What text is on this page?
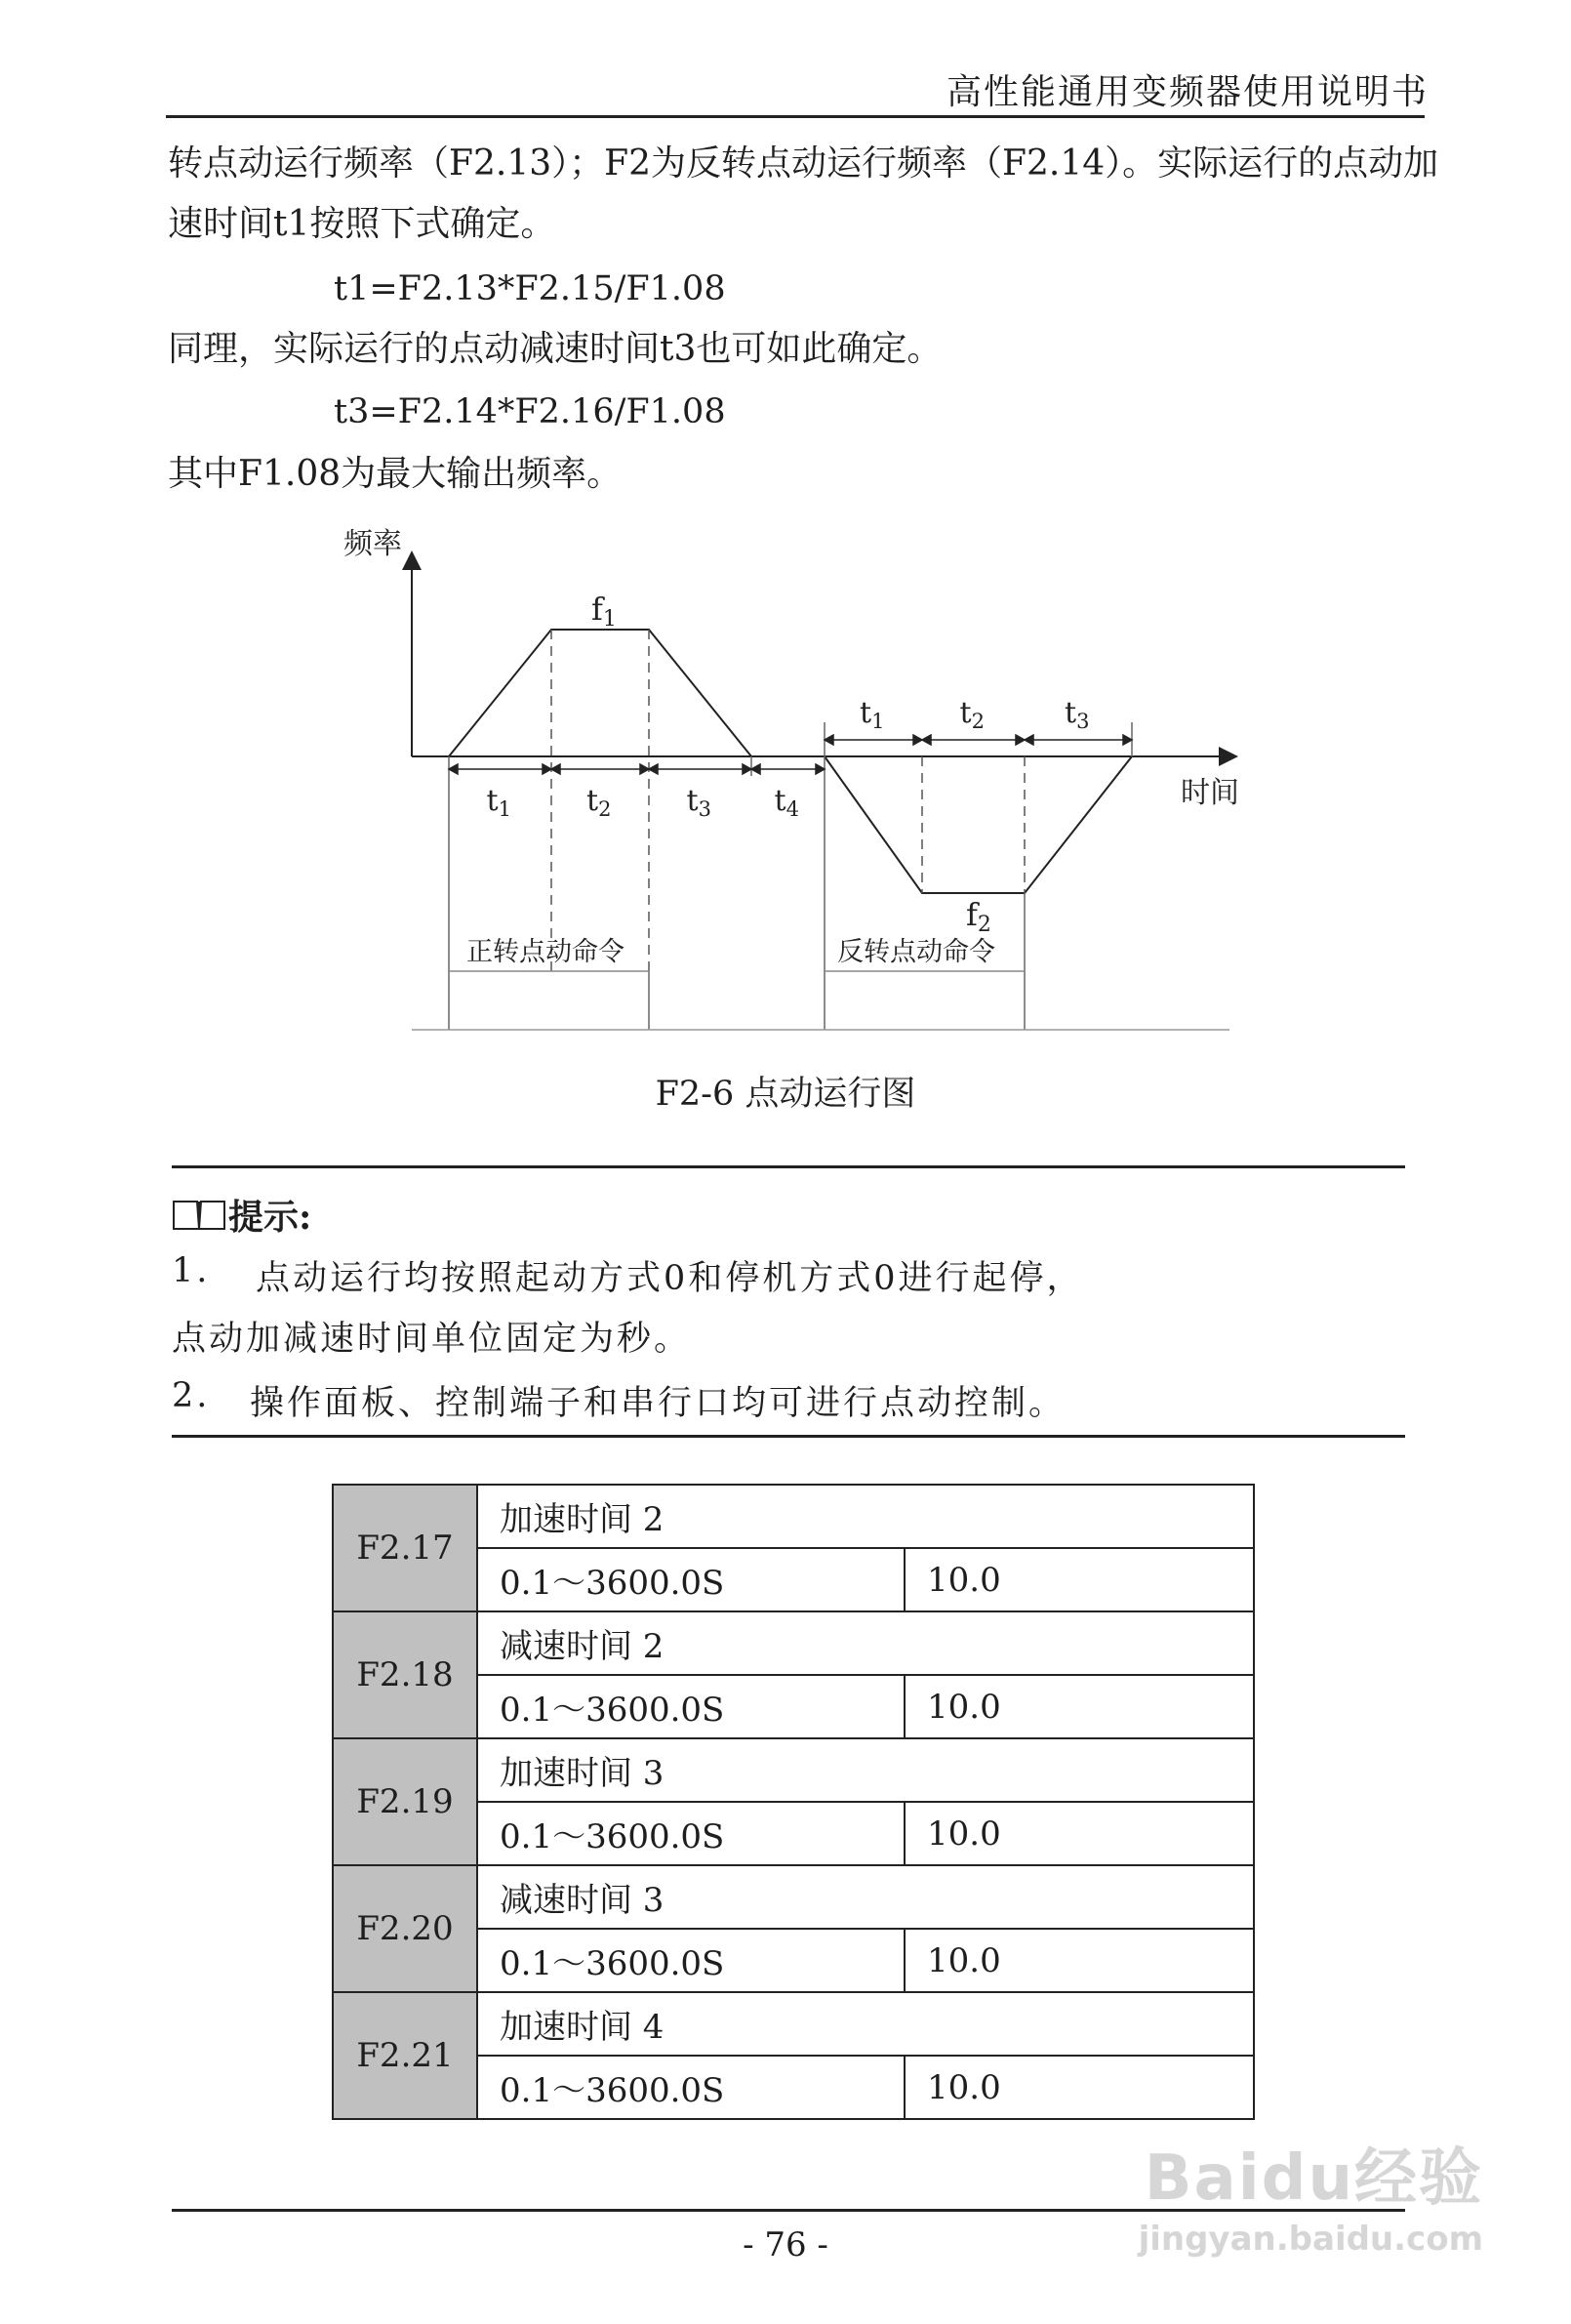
高性能通用变频器使用说明书
转点动运行频率（F2.13）；F2为反转点动运行频率（F2.14）。实际运行的点动加
速时间t1按照下式确定。
t1=F2.13*F2.15/F1.08
同理，实际运行的点动减速时间t3也可如此确定。
t3=F2.14*F2.16/F1.08
其中F1.08为最大输出频率。
频率
时间
f1
f2
正转点动命令	反转点动命令
$t_1$	$t_2$	$t_3$ $t_4$
$t_1$	$t_2$	$t_3$
F2-6 点动运行图
提示:
1. 点动运行均按照起动方式0和停机方式0进行起停，
点动加减速时间单位固定为秒。
2. 操作面板、控制端子和串行口均可进行点动控制。
F2.17	加速时间 2	
	0.1～3600.0S	10.0
F2.18	减速时间 2	
	0.1～3600.0S	10.0
F2.19	加速时间 3	
	0.1～3600.0S	10.0
F2.20	减速时间 3	
	0.1～3600.0S	10.0
F2.21	加速时间 4	
	0.1～3600.0S	10.0
- 76 -
Baidu经验
jingyan.baidu.com
